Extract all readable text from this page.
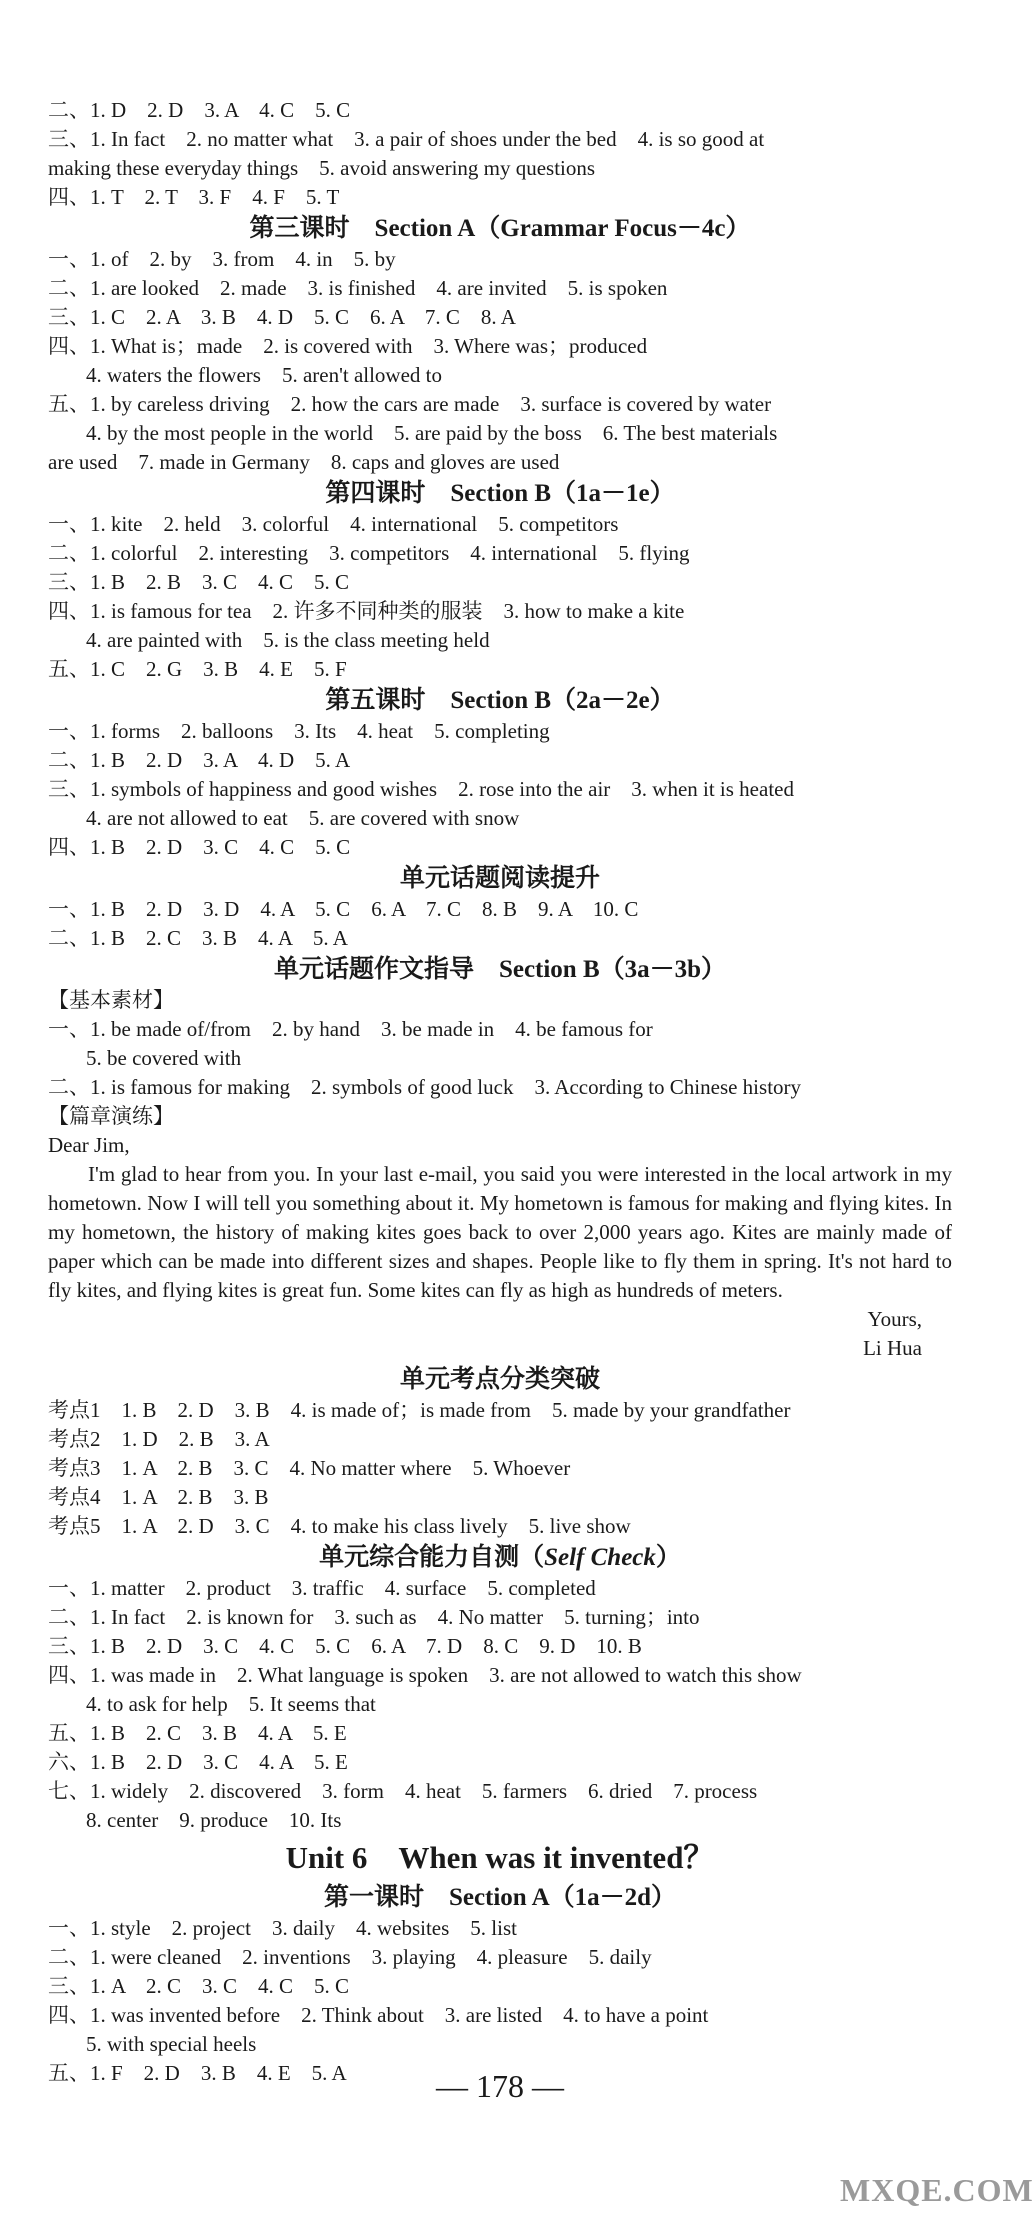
二、1. D　2. D　3. A　4. C　5. C
三、1. In fact　2. no matter what　3. a pair of shoes under the bed　4. is so good at
making these everyday things　5. avoid answering my questions
四、1. T　2. T　3. F　4. F　5. T
第三课时　Section A（Grammar Focus－4c）
一、1. of　2. by　3. from　4. in　5. by
二、1. are looked　2. made　3. is finished　4. are invited　5. is spoken
三、1. C　2. A　3. B　4. D　5. C　6. A　7. C　8. A
四、1. What is；made　2. is covered with　3. Where was；produced
4. waters the flowers　5. aren't allowed to
五、1. by careless driving　2. how the cars are made　3. surface is covered by water
4. by the most people in the world　5. are paid by the boss　6. The best materials
are used　7. made in Germany　8. caps and gloves are used
第四课时　Section B（1a－1e）
一、1. kite　2. held　3. colorful　4. international　5. competitors
二、1. colorful　2. interesting　3. competitors　4. international　5. flying
三、1. B　2. B　3. C　4. C　5. C
四、1. is famous for tea　2. 许多不同种类的服装　3. how to make a kite
4. are painted with　5. is the class meeting held
五、1. C　2. G　3. B　4. E　5. F
第五课时　Section B（2a－2e）
一、1. forms　2. balloons　3. Its　4. heat　5. completing
二、1. B　2. D　3. A　4. D　5. A
三、1. symbols of happiness and good wishes　2. rose into the air　3. when it is heated
4. are not allowed to eat　5. are covered with snow
四、1. B　2. D　3. C　4. C　5. C
单元话题阅读提升
一、1. B　2. D　3. D　4. A　5. C　6. A　7. C　8. B　9. A　10. C
二、1. B　2. C　3. B　4. A　5. A
单元话题作文指导　Section B（3a－3b）
【基本素材】
一、1. be made of/from　2. by hand　3. be made in　4. be famous for
5. be covered with
二、1. is famous for making　2. symbols of good luck　3. According to Chinese history
【篇章演练】
Dear Jim,

I'm glad to hear from you. In your last e-mail, you said you were interested in the local artwork in my hometown. Now I will tell you something about it. My hometown is famous for making and flying kites. In my hometown, the history of making kites goes back to over 2,000 years ago. Kites are mainly made of paper which can be made into different sizes and shapes. People like to fly them in spring. It's not hard to fly kites, and flying kites is great fun. Some kites can fly as high as hundreds of meters.

Yours,
Li Hua
单元考点分类突破
考点1　1. B　2. D　3. B　4. is made of；is made from　5. made by your grandfather
考点2　1. D　2. B　3. A
考点3　1. A　2. B　3. C　4. No matter where　5. Whoever
考点4　1. A　2. B　3. B
考点5　1. A　2. D　3. C　4. to make his class lively　5. live show
单元综合能力自测（Self Check）
一、1. matter　2. product　3. traffic　4. surface　5. completed
二、1. In fact　2. is known for　3. such as　4. No matter　5. turning；into
三、1. B　2. D　3. C　4. C　5. C　6. A　7. D　8. C　9. D　10. B
四、1. was made in　2. What language is spoken　3. are not allowed to watch this show
4. to ask for help　5. It seems that
五、1. B　2. C　3. B　4. A　5. E
六、1. B　2. D　3. C　4. A　5. E
七、1. widely　2. discovered　3. form　4. heat　5. farmers　6. dried　7. process
8. center　9. produce　10. Its
Unit 6　When was it invented？
第一课时　Section A（1a－2d）
一、1. style　2. project　3. daily　4. websites　5. list
二、1. were cleaned　2. inventions　3. playing　4. pleasure　5. daily
三、1. A　2. C　3. C　4. C　5. C
四、1. was invented before　2. Think about　3. are listed　4. to have a point
5. with special heels
五、1. F　2. D　3. B　4. E　5. A	— 178 —
MXQE.COM
